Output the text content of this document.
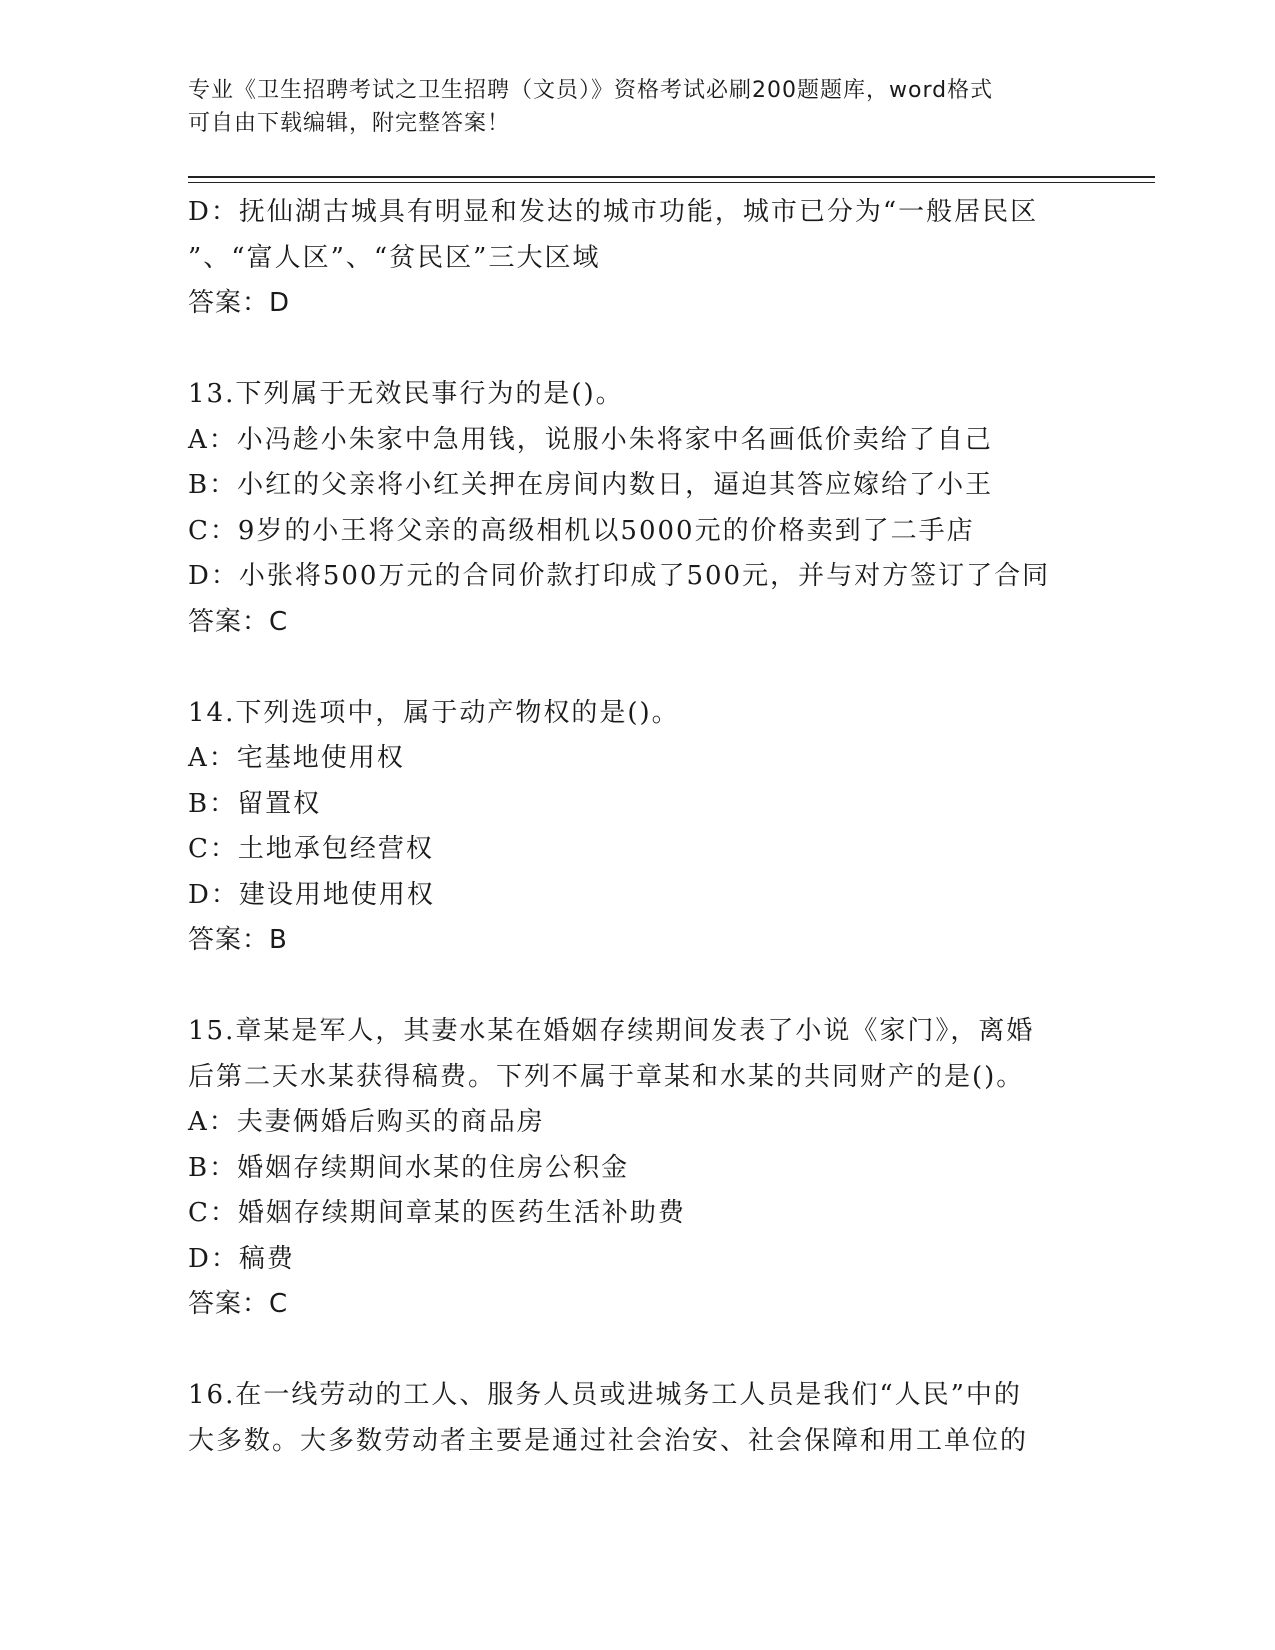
专业《卫生招聘考试之卫生招聘（文员）》资格考试必刷200题题库，word格式
可自由下载编辑，附完整答案！
D：抚仙湖古城具有明显和发达的城市功能，城市已分为“一般居民区
”、“富人区”、“贫民区”三大区域
答案：D
13.下列属于无效民事行为的是()。
A：小冯趁小朱家中急用钱，说服小朱将家中名画低价卖给了自己
B：小红的父亲将小红关押在房间内数日，逼迫其答应嫁给了小王
C：9岁的小王将父亲的高级相机以5000元的价格卖到了二手店
D：小张将500万元的合同价款打印成了500元，并与对方签订了合同
答案：C
14.下列选项中，属于动产物权的是()。
A：宅基地使用权
B：留置权
C：土地承包经营权
D：建设用地使用权
答案：B
15.章某是军人，其妻水某在婚姻存续期间发表了小说《家门》，离婚
后第二天水某获得稿费。下列不属于章某和水某的共同财产的是()。
A：夫妻俩婚后购买的商品房
B：婚姻存续期间水某的住房公积金
C：婚姻存续期间章某的医药生活补助费
D：稿费
答案：C
16.在一线劳动的工人、服务人员或进城务工人员是我们“人民”中的
大多数。大多数劳动者主要是通过社会治安、社会保障和用工单位的
